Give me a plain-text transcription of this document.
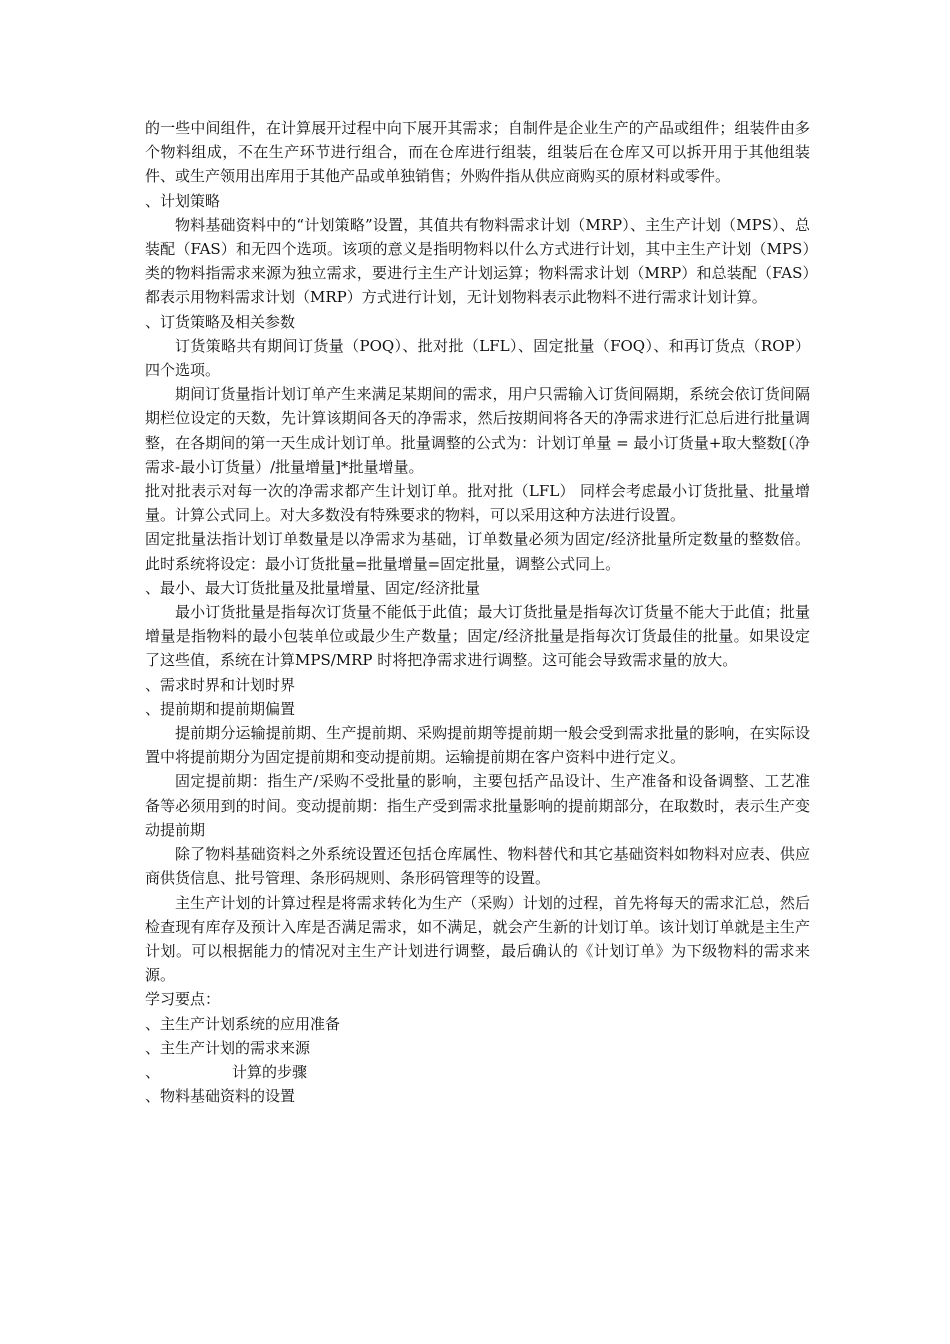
的一些中间组件，在计算展开过程中向下展开其需求；自制件是企业生产的产品或组件；组装件由多个物料组成，不在生产环节进行组合，而在仓库进行组装，组装后在仓库又可以拆开用于其他组装件、或生产领用出库用于其他产品或单独销售；外购件指从供应商购买的原材料或零件。

、计划策略

物料基础资料中的“计划策略”设置，其值共有物料需求计划（MRP）、主生产计划（MPS）、总装配（FAS）和无四个选项。该项的意义是指明物料以什么方式进行计划，其中主生产计划（MPS）类的物料指需求来源为独立需求，要进行主生产计划运算；物料需求计划（MRP）和总装配（FAS）都表示用物料需求计划（MRP）方式进行计划，无计划物料表示此物料不进行需求计划计算。

、订货策略及相关参数

订货策略共有期间订货量（POQ）、批对批（LFL）、固定批量（FOQ）、和再订货点（ROP）四个选项。

期间订货量指计划订单产生来满足某期间的需求，用户只需输入订货间隔期，系统会依订货间隔期栏位设定的天数，先计算该期间各天的净需求，然后按期间将各天的净需求进行汇总后进行批量调整，在各期间的第一天生成计划订单。批量调整的公式为：计划订单量 = 最小订货量+取大整数[（净需求-最小订货量）/批量增量]*批量增量。

批对批表示对每一次的净需求都产生计划订单。批对批（LFL） 同样会考虑最小订货批量、批量增量。计算公式同上。对大多数没有特殊要求的物料，可以采用这种方法进行设置。

固定批量法指计划订单数量是以净需求为基础，订单数量必须为固定/经济批量所定数量的整数倍。此时系统将设定：最小订货批量=批量增量=固定批量，调整公式同上。

、最小、最大订货批量及批量增量、固定/经济批量

最小订货批量是指每次订货量不能低于此值；最大订货批量是指每次订货量不能大于此值；批量增量是指物料的最小包装单位或最少生产数量；固定/经济批量是指每次订货最佳的批量。如果设定了这些值，系统在计算MPS/MRP 时将把净需求进行调整。这可能会导致需求量的放大。

、需求时界和计划时界

、提前期和提前期偏置

提前期分运输提前期、生产提前期、采购提前期等提前期一般会受到需求批量的影响，在实际设置中将提前期分为固定提前期和变动提前期。运输提前期在客户资料中进行定义。

固定提前期：指生产/采购不受批量的影响，主要包括产品设计、生产准备和设备调整、工艺准备等必须用到的时间。变动提前期：指生产受到需求批量影响的提前期部分，在取数时，表示生产变动提前期

除了物料基础资料之外系统设置还包括仓库属性、物料替代和其它基础资料如物料对应表、供应商供货信息、批号管理、条形码规则、条形码管理等的设置。

主生产计划的计算过程是将需求转化为生产（采购）计划的过程，首先将每天的需求汇总，然后检查现有库存及预计入库是否满足需求，如不满足，就会产生新的计划订单。该计划订单就是主生产计划。可以根据能力的情况对主生产计划进行调整，最后确认的《计划订单》为下级物料的需求来源。

学习要点：

、主生产计划系统的应用准备

、主生产计划的需求来源

、	计算的步骤

、物料基础资料的设置
